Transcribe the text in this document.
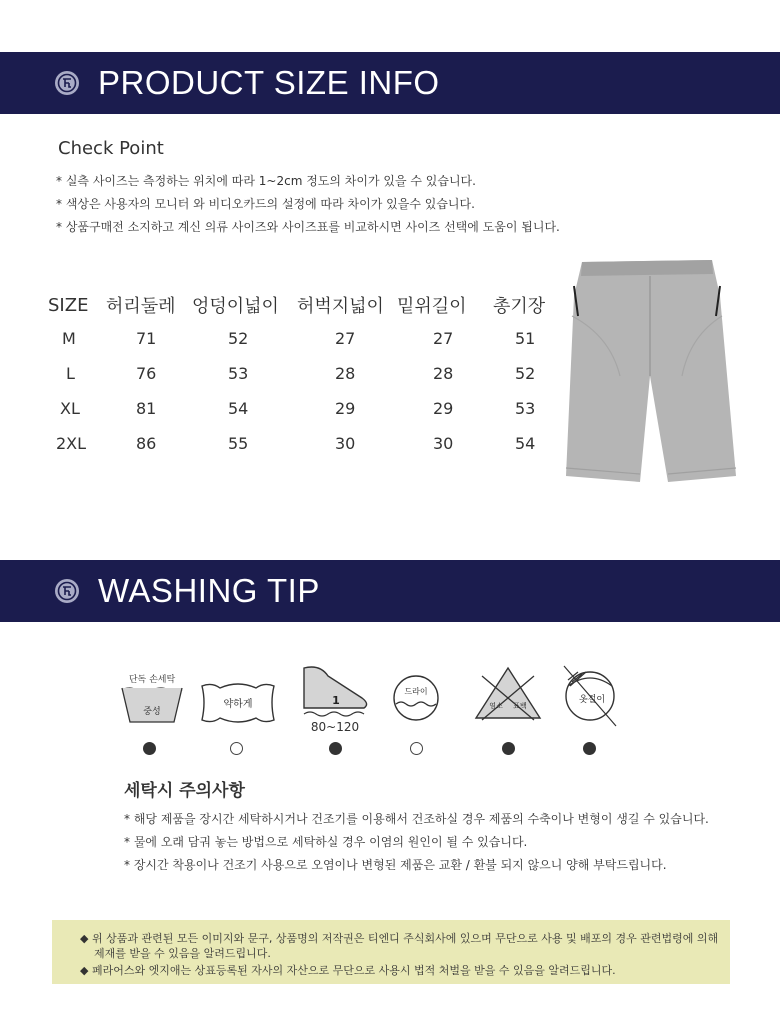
PRODUCT SIZE INFO
Check Point
* 실측 사이즈는 측정하는 위치에 따라 1~2cm 정도의 차이가 있을 수 있습니다.
* 색상은 사용자의 모니터 와 비디오카드의 설정에 따라 차이가 있을수 있습니다.
* 상품구매전 소지하고 계신 의류 사이즈와 사이즈표를 비교하시면 사이즈 선택에 도움이 됩니다.
SIZE	허리둘레	엉덩이넓이	허벅지넓이	밑위길이	총기장
M	71	52	27	27	51
L	76	53	28	28	52
XL	81	54	29	29	53
2XL	86	55	30	30	54
WASHING TIP
단독 손세탁
중성
약하게	1
80~120
드라이
염소 표백
옷걸이
세탁시 주의사항
* 해당 제품을 장시간 세탁하시거나 건조기를 이용해서 건조하실 경우 제품의 수축이나 변형이 생길 수 있습니다.
* 물에 오래 담궈 놓는 방법으로 세탁하실 경우 이염의 원인이 될 수 있습니다.
* 장시간 착용이나 건조기 사용으로 오염이나 변형된 제품은 교환 / 환불 되지 않으니 양해 부탁드립니다.

◆ 위 상품과 관련된 모든 이미지와 문구, 상품명의 저작권은 티엔디 주식회사에 있으며 무단으로 사용 및 배포의 경우 관련법령에 의해

제재를 받을 수 있음을 알려드립니다.

◆ 페라어스와 엣지애는 상표등록된 자사의 자산으로 무단으로 사용시 법적 처벌을 받을 수 있음을 알려드립니다.
